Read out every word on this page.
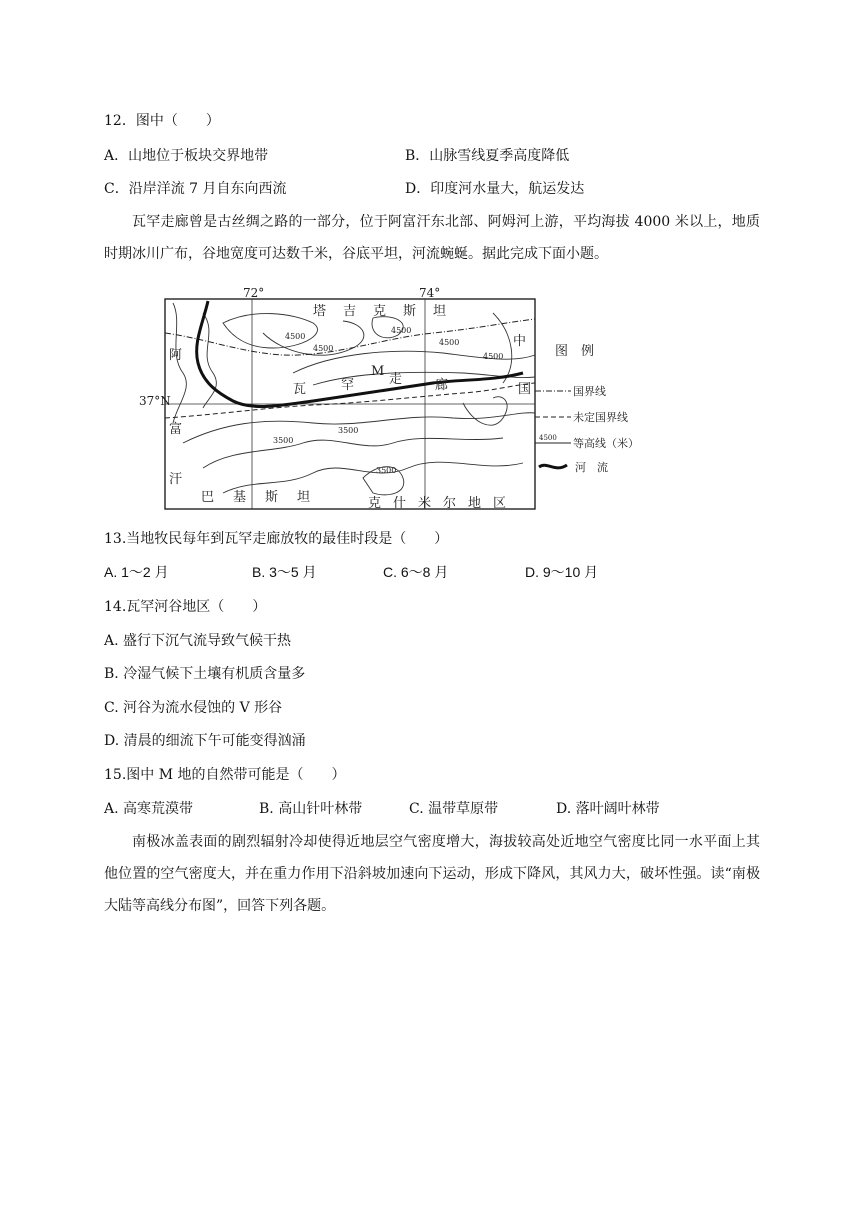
12．图中（　　）
A．山地位于板块交界地带	B．山脉雪线夏季高度降低
C．沿岸洋流 7 月自东向西流	D．印度河水量大，航运发达
瓦罕走廊曾是古丝绸之路的一部分，位于阿富汗东北部、阿姆河上游，平均海拔 4000 米以上，地质时期冰川广布，谷地宽度可达数千米，谷底平坦，河流蜿蜒。据此完成下面小题。
72°	74°
37°N
塔 吉 克 斯 坦
阿
富
汗
巴 基 斯 坦	克 什 米 尔 地 区
中
国
瓦	罕	走	廊
M
4500
4500
4500
4500
4500
3500
3500
3500
图　例
国界线
未定国界线
4500 等高线（米）
河　流
13.当地牧民每年到瓦罕走廊放牧的最佳时段是（　　）
A. 1～2 月	B. 3～5 月	C. 6～8 月	D. 9～10 月
14.瓦罕河谷地区（　　）
A. 盛行下沉气流导致气候干热
B. 冷湿气候下土壤有机质含量多
C. 河谷为流水侵蚀的 V 形谷
D. 清晨的细流下午可能变得汹涌
15.图中 M 地的自然带可能是（　　）
A. 高寒荒漠带	B. 高山针叶林带	C. 温带草原带	D. 落叶阔叶林带
南极冰盖表面的剧烈辐射冷却使得近地层空气密度增大，海拔较高处近地空气密度比同一水平面上其他位置的空气密度大，并在重力作用下沿斜坡加速向下运动，形成下降风，其风力大，破坏性强。读“南极大陆等高线分布图”，回答下列各题。
